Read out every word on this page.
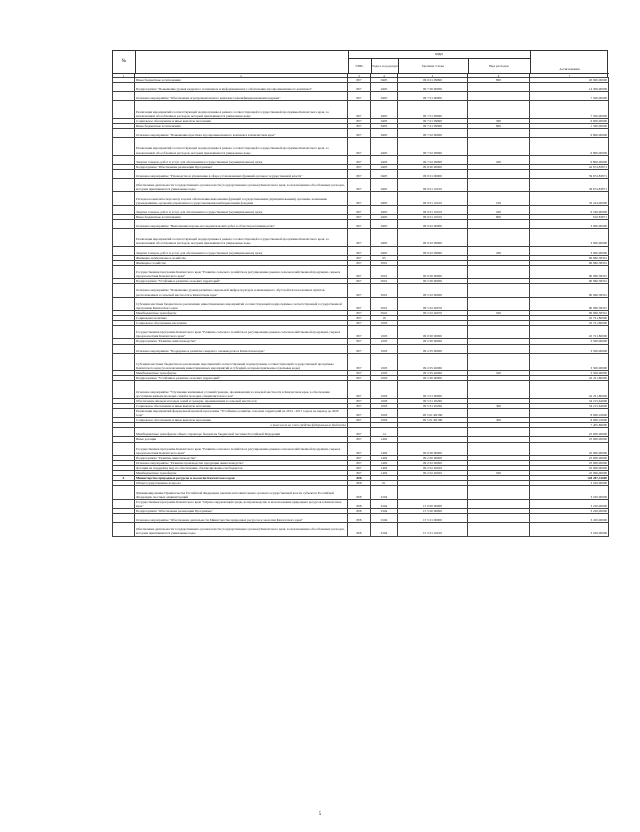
№
коды
ГРБС	Раздел, под-раздел	Целевая статья	Вид расходов
Ассигнования
1	2	3	4	5	6	7
	Иные бюджетные ассигнования	807	0405	09 6 01 09990	800	20 000,00000
	Подпрограмма "Повышение уровня кадрового потенциала и информационного обеспечения агропромышленного комплекса"	807	0405	09 7 00 00000		14 300,00000
	Основное мероприятие "Обеспечение агропромышленного комплекса квалифицированными кадрами"	807	0405	09 7 01 00000		7 500,00000
	Реализация мероприятий соответствующей подпрограммы в рамках соответствующей государственной программы Камчатского края, за исключением обособленных расходов, которым присваиваются уникальные коды	807	0405	09 7 01 09990		7 500,00000
	Социальное обеспечение и иные выплаты населению	807	0405	09 7 01 09990	300	6 000,00000
	Иные бюджетные ассигнования	807	0405	09 7 01 09990	800	1 500,00000
	Основное мероприятие "Повышение престижа агропромышленного комплекса в Камчатском крае"	807	0405	09 7 02 00000		6 800,00000
	Реализация мероприятий соответствующей подпрограммы в рамках соответствующей государственной программы Камчатского края, за исключением обособленных расходов, которым присваиваются уникальные коды	807	0405	09 7 02 09990		6 800,00000
	Закупка товаров, работ и услуг для обеспечения государственных (муниципальных) нужд	807	0405	09 7 02 09990	200	6 800,00000
	Подпрограмма "Обеспечение реализации Программы"	807	0405	09 9 00 00000		42 674,83871
	Основное мероприятие "Руководство и управление в сфере установленных функций органов государственной власти"	807	0405	09 9 01 00000		39 674,83871
	Обеспечение деятельности государственных органов власти (государственных органов) Камчатского края, за исключением обособленных расходов, которым присваиваются уникальные коды	807	0405	09 9 01 10010		39 674,83871
	Расходы на выплаты персоналу в целях обеспечения выполнения функций государственными (муниципальными) органами, казенными учреждениями, органами управления государственными внебюджетными фондами	807	0405	09 9 01 10010	100	32 224,00000
	Закупка товаров, работ и услуг для обеспечения государственных (муниципальных) нужд	807	0405	09 9 01 10010	200	6 540,00000
	Иные бюджетные ассигнования	807	0405	09 9 01 10010	800	910,83871
	Основное мероприятие "Выполнение научно-исследовательских работ в области растениеводства"	807	0405	09 9 02 00000		3 000,00000
	Реализация мероприятий соответствующей подпрограммы в рамках соответствующей государственной программы Камчатского края, за исключением обособленных расходов, которым присваиваются уникальные коды	807	0405	09 9 02 09990		3 000,00000
	Закупка товаров, работ и услуг для обеспечения государственных (муниципальных) нужд	807	0405	09 9 02 09990	200	3 000,00000
	Жилищно-коммунальное хозяйство	807	05			90 960,38301
	Жилищное хозяйство	807	0501			90 960,38301
	Государственная программа Камчатского края "Развитие сельского хозяйства и регулирование рынков сельскохозяйственной продукции, сырья и продовольствия Камчатского края"	807	0501	09 0 00 00000		90 960,38301
	Подпрограмма "Устойчивое развитие сельских территорий"	807	0501	09 5 00 00000		90 960,38301
	Основное мероприятие "Повышение уровня развития социальной инфраструктуры и инженерного обустройства населенных пунктов, расположенных в сельской местности в Камчатском крае"	807	0501	09 5 02 00000		90 960,38301
	Субсидии местным бюджетам на реализацию инвестиционных мероприятий соответствующей подпрограммы соответствующей государственной программы Камчатского края	807	0501	09 5 02 40670		90 960,38301
	Межбюджетные трансферты	807	0501	09 5 02 40670	500	90 960,38301
	Социальная политика	807	10			45 721,80000
	Социальное обеспечение населения	807	1003			45 721,80000
	Государственная программа Камчатского края "Развитие сельского хозяйства и регулирование рынков сельскохозяйственной продукции, сырья и продовольствия Камчатского края"	807	1003	09 0 00 00000		45 721,80000
	Подпрограмма "Развитие животноводства"	807	1003	09 2 00 00000		3 500,00000
	Основное мероприятие "Поддержка и развитие северного оленеводства в Камчатском крае"	807	1003	09 2 05 00000		3 500,00000
	Субсидии местным бюджетам на реализацию мероприятий соответствующей подпрограммы соответствующей государственной программы Камчатского края (за исключением инвестиционных мероприятий и субсидий, которым присвоены отдельные коды)	807	1003	09 2 05 40060		3 500,00000
	Межбюджетные трансферты	807	1003	09 2 05 40060	500	3 500,00000
	Подпрограмма "Устойчивое развитие сельских территорий"	807	1003	09 5 00 00000		42 221,80000
	Основное мероприятие "Улучшение жилищных условий граждан, проживающих в сельской местности в Камчатском крае, в обеспечение доступным жильем молодых семей и молодых специалистов на селе"	807	1003	09 5 01 00000		42 221,80000
	Обеспечение жильем молодых семей и граждан, проживающих в сельской местности	807	1003	09 5 01 20260		34 215,64000
	Социальное обеспечение и иные выплаты населению	807	1003	09 5 01 20260	300	34 215,64000
	Реализация мероприятий федеральной целевой программы "Устойчивое развитие сельских территорий на 2014 - 2017 годы и на период до 2020 года"	807	1003	09 5 01 R0180		8 006,16000
	Социальное обеспечение и иные выплаты населению	807	1003	09 5 01 R0180	300	8 006,16000
	в том числе за счет средств федерального бюджета					7 405,86000
	Межбюджетные трансферты общего характера бюджетам бюджетной системы Российской Федерации	807	14			25 000,00000
	Иные дотации	807	1402			25 000,00000
	Государственная программа Камчатского края "Развитие сельского хозяйства и регулирование рынков сельскохозяйственной продукции, сырья и продовольствия Камчатского края"	807	1402	09 0 00 00000		25 000,00000
	Подпрограмма "Развитие животноводства"	807	1402	09 2 00 00000		25 000,00000
	Основное мероприятие "Развитие производства продукции животноводства"	807	1402	09 2 02 00000		25 000,00000
	Дотации на поддержку мер по обеспечению сбалансированности бюджетов	807	1402	09 2 02 40020		25 000,00000
	Межбюджетные трансферты	807	1402	09 2 02 40020	500	25 000,00000
6	Министерство природных ресурсов и экологии Камчатского края	808				128 287,33000
	Общегосударственные вопросы	808	01			3 220,00000
	Функционирование Правительства Российской Федерации, высших исполнительных органов государственной власти субъектов Российской Федерации, местных администраций	808	0104			3 220,00000
	Государственная программа Камчатского края "Охрана окружающей среды, воспроизводство и использование природных ресурсов в Камчатском крае"	808	0104	15 0 00 00000		3 220,00000
	Подпрограмма "Обеспечение реализации Программы"	808	0104	15 5 00 00000		3 220,00000
	Основное мероприятие "Обеспечение деятельности Министерства природных ресурсов и экологии Камчатского края"	808	0104	15 5 01 00000		3 220,00000
	Обеспечение деятельности государственных органов власти (государственных органов) Камчатского края, за исключением обособленных расходов, которым присваиваются уникальные коды	808	0104	15 5 01 10010		3 220,00000
5
